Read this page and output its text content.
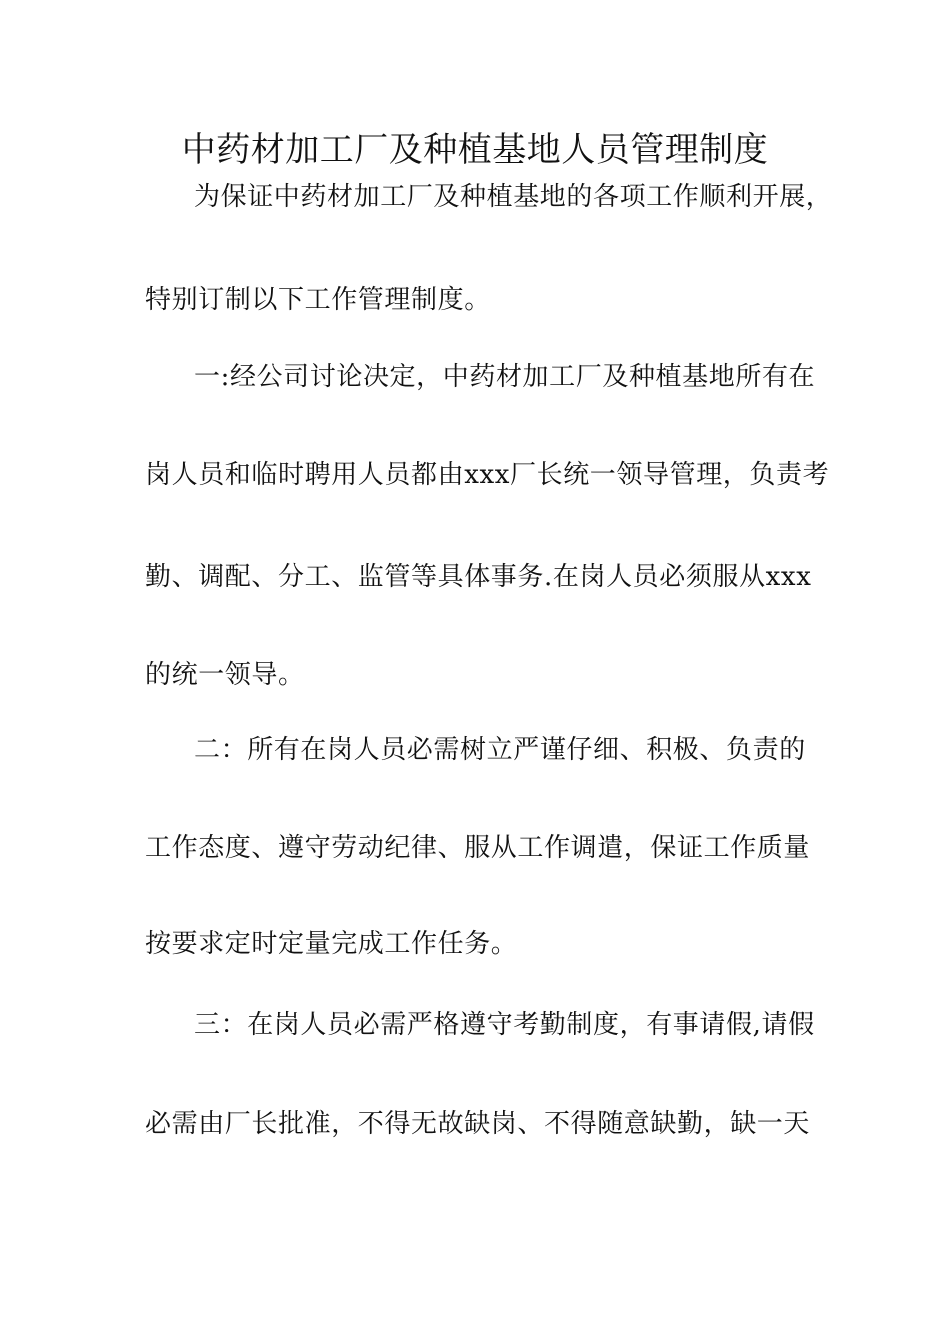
中药材加工厂及种植基地人员管理制度
为保证中药材加工厂及种植基地的各项工作顺利开展，
特别订制以下工作管理制度。
一:经公司讨论决定，中药材加工厂及种植基地所有在
岗人员和临时聘用人员都由xxx厂长统一领导管理，负责考
勤、调配、分工、监管等具体事务.在岗人员必须服从xxx
的统一领导。
二：所有在岗人员必需树立严谨仔细、积极、负责的
工作态度、遵守劳动纪律、服从工作调遣，保证工作质量
按要求定时定量完成工作任务。
三：在岗人员必需严格遵守考勤制度，有事请假,请假
必需由厂长批准，不得无故缺岗、不得随意缺勤，缺一天
